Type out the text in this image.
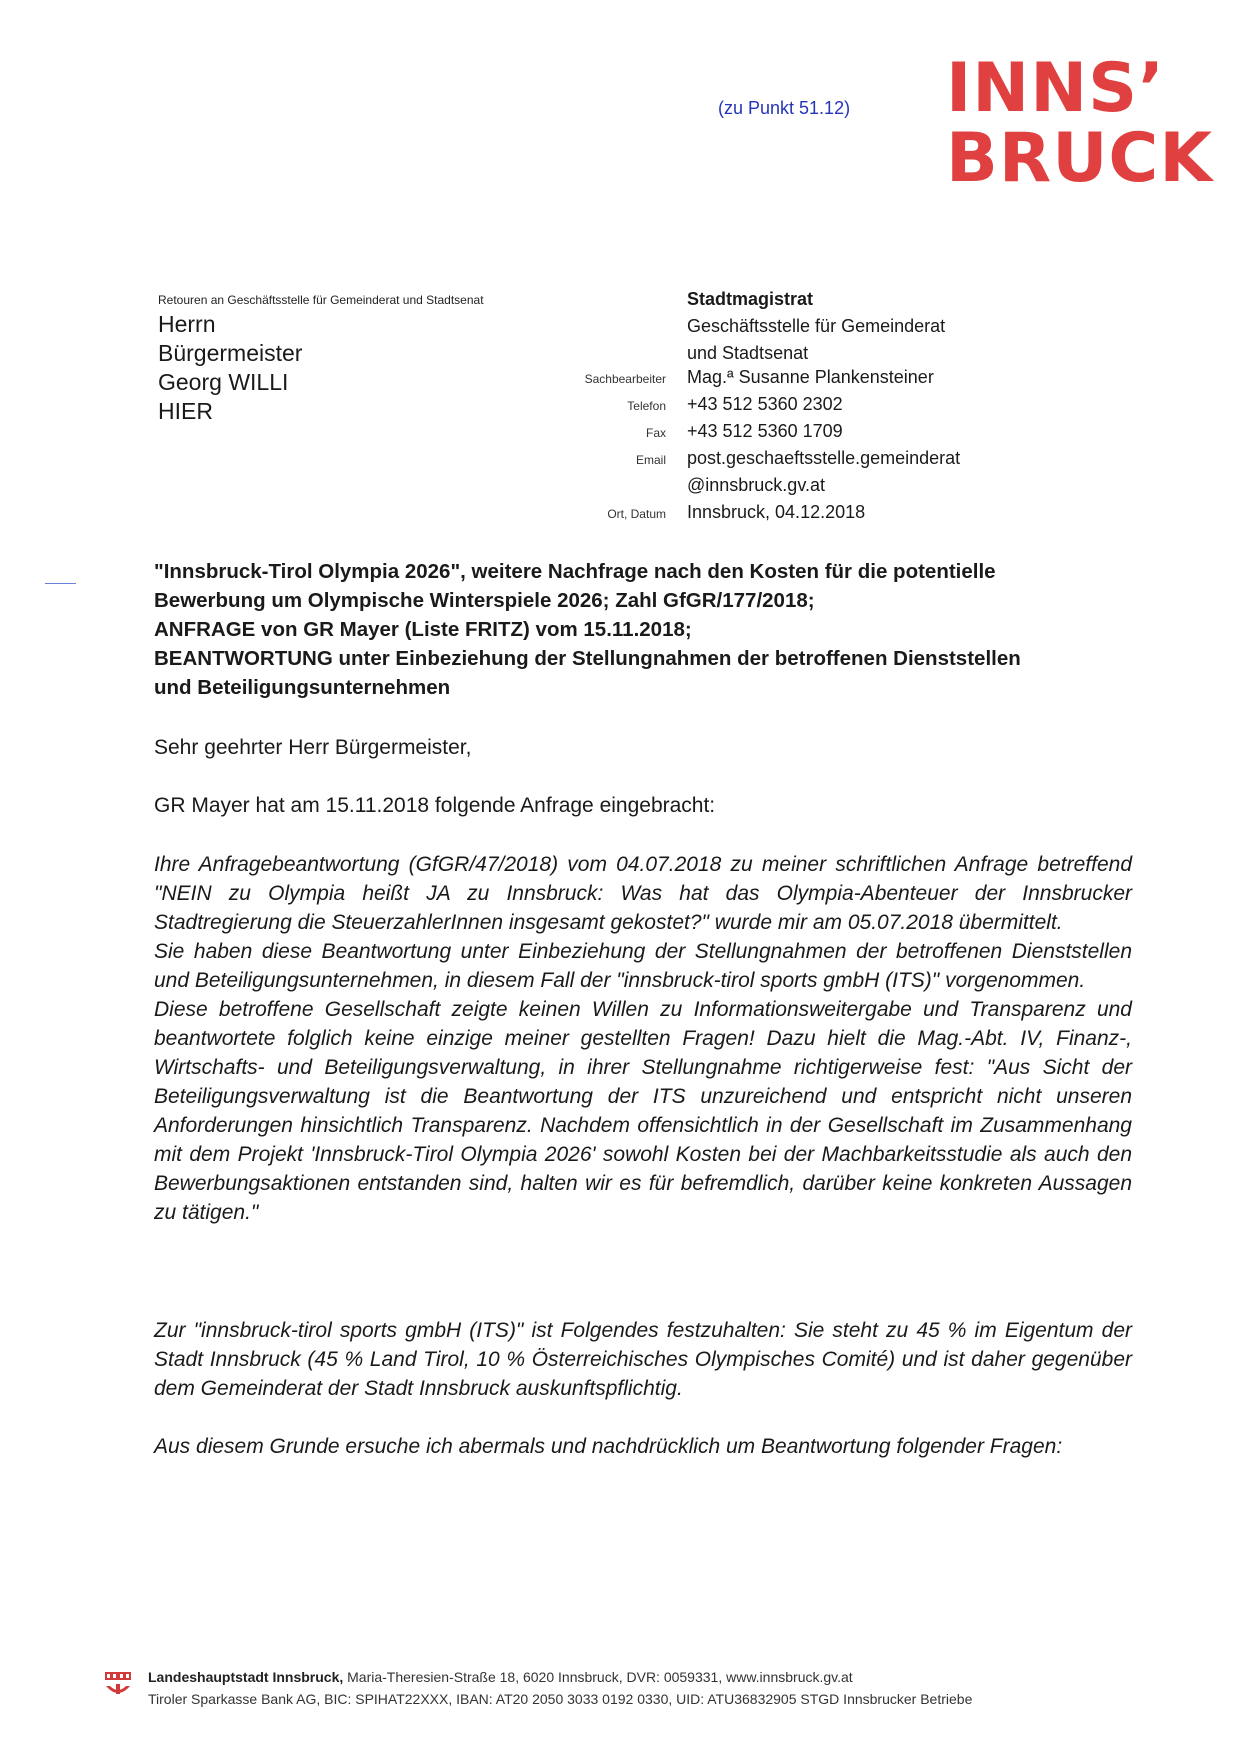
(zu Punkt 51.12) INNS’
BRUCK
Retouren an Geschäftsstelle für Gemeinderat und Stadtsenat
Herrn
Bürgermeister
Georg WILLI
HIER
Stadtmagistrat
Geschäftsstelle für Gemeinderat
und Stadtsenat
Sachbearbeiter	Mag.ª Susanne Plankensteiner
Telefon	+43 512 5360 2302
Fax	+43 512 5360 1709
Email	post.geschaeftsstelle.gemeinderat
@innsbruck.gv.at
Ort, Datum	Innsbruck, 04.12.2018
"Innsbruck-Tirol Olympia 2026", weitere Nachfrage nach den Kosten für die potentielle
Bewerbung um Olympische Winterspiele 2026; Zahl GfGR/177/2018;
ANFRAGE von GR Mayer (Liste FRITZ) vom 15.11.2018;
BEANTWORTUNG unter Einbeziehung der Stellungnahmen der betroffenen Dienststellen
und Beteiligungsunternehmen
Sehr geehrter Herr Bürgermeister,
GR Mayer hat am 15.11.2018 folgende Anfrage eingebracht:

Ihre Anfragebeantwortung (GfGR/47/2018) vom 04.07.2018 zu meiner schriftlichen Anfrage betreffend "NEIN zu Olympia heißt JA zu Innsbruck: Was hat das Olympia-Abenteuer der Innsbrucker Stadtregierung die SteuerzahlerInnen insgesamt gekostet?" wurde mir am 05.07.2018 übermittelt.

Sie haben diese Beantwortung unter Einbeziehung der Stellungnahmen der betroffenen Dienststellen und Beteiligungsunternehmen, in diesem Fall der "innsbruck-tirol sports gmbH (ITS)" vorgenommen.

Diese betroffene Gesellschaft zeigte keinen Willen zu Informationsweitergabe und Transparenz und beantwortete folglich keine einzige meiner gestellten Fragen! Dazu hielt die Mag.-Abt. IV, Finanz-, Wirtschafts- und Beteiligungsverwaltung, in ihrer Stellungnahme richtigerweise fest: "Aus Sicht der Beteiligungsverwaltung ist die Beantwortung der ITS unzureichend und entspricht nicht unseren Anforderungen hinsichtlich Transparenz. Nachdem offensichtlich in der Gesellschaft im Zusammenhang mit dem Projekt 'Innsbruck-Tirol Olympia 2026' sowohl Kosten bei der Machbarkeitsstudie als auch den Bewerbungsaktionen entstanden sind, halten wir es für befremdlich, darüber keine konkreten Aussagen zu tätigen."

Zur "innsbruck-tirol sports gmbH (ITS)" ist Folgendes festzuhalten: Sie steht zu 45 % im Eigentum der Stadt Innsbruck (45 % Land Tirol, 10 % Österreichisches Olympisches Comité) und ist daher gegenüber dem Gemeinderat der Stadt Innsbruck auskunftspflichtig.

Aus diesem Grunde ersuche ich abermals und nachdrücklich um Beantwortung folgender Fragen:
Landeshauptstadt Innsbruck, Maria-Theresien-Straße 18, 6020 Innsbruck, DVR: 0059331, www.innsbruck.gv.at
Tiroler Sparkasse Bank AG, BIC: SPIHAT22XXX, IBAN: AT20 2050 3033 0192 0330, UID: ATU36832905 STGD Innsbrucker Betriebe
